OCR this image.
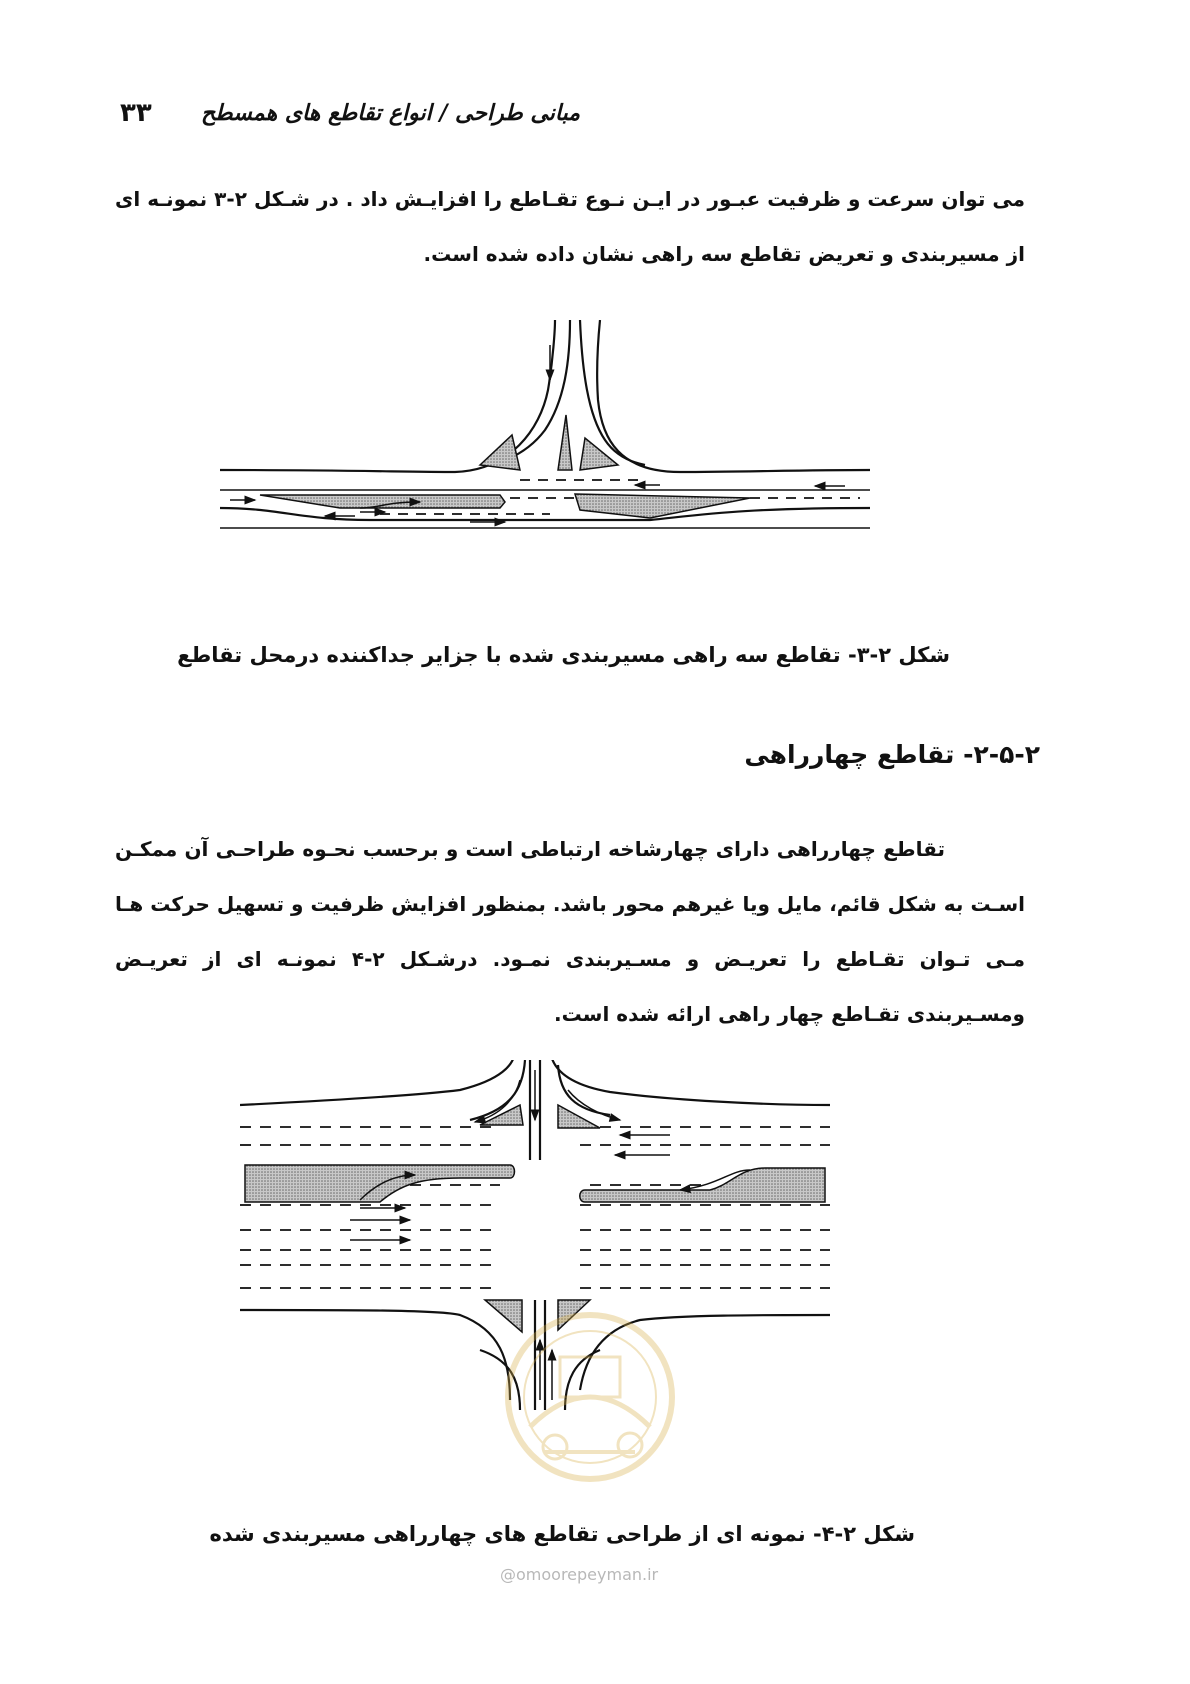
۳۳ مبانی طراحی / انواع تقاطع های همسطح

می توان سرعت و ظرفیت عبـور در ایـن نـوع تقـاطع را افزایـش داد . در شـكل ۲-۳ نمونـه ای از مسیربندی و تعریض تقاطع سه راهی نشان داده شده است.

شكل ۲-۳- تقاطع سه راهی مسیربندی شده با جزایر جداكننده درمحل تقاطع
۲-۵-۲- تقاطع چهارراهی

تقاطع چهارراهی دارای چهارشاخه ارتباطی است و برحسب نحـوه طراحـی آن ممكـن اسـت به شكل قائم، مایل ویا غیرهم محور باشد. بمنظور افزایش ظرفیت و تسهیل حركت هـا مـی تـوان تقـاطع را تعریـض و مسـیربندی نمـود. درشـكل ۲-۴ نمونـه ای از تعریـض ومسـیربندی تقـاطع چهار راهی ارائه شده است.

شكل ۲-۴- نمونه ای از طراحی تقاطع های چهارراهی مسیربندی شده
@omoorepeyman.ir
